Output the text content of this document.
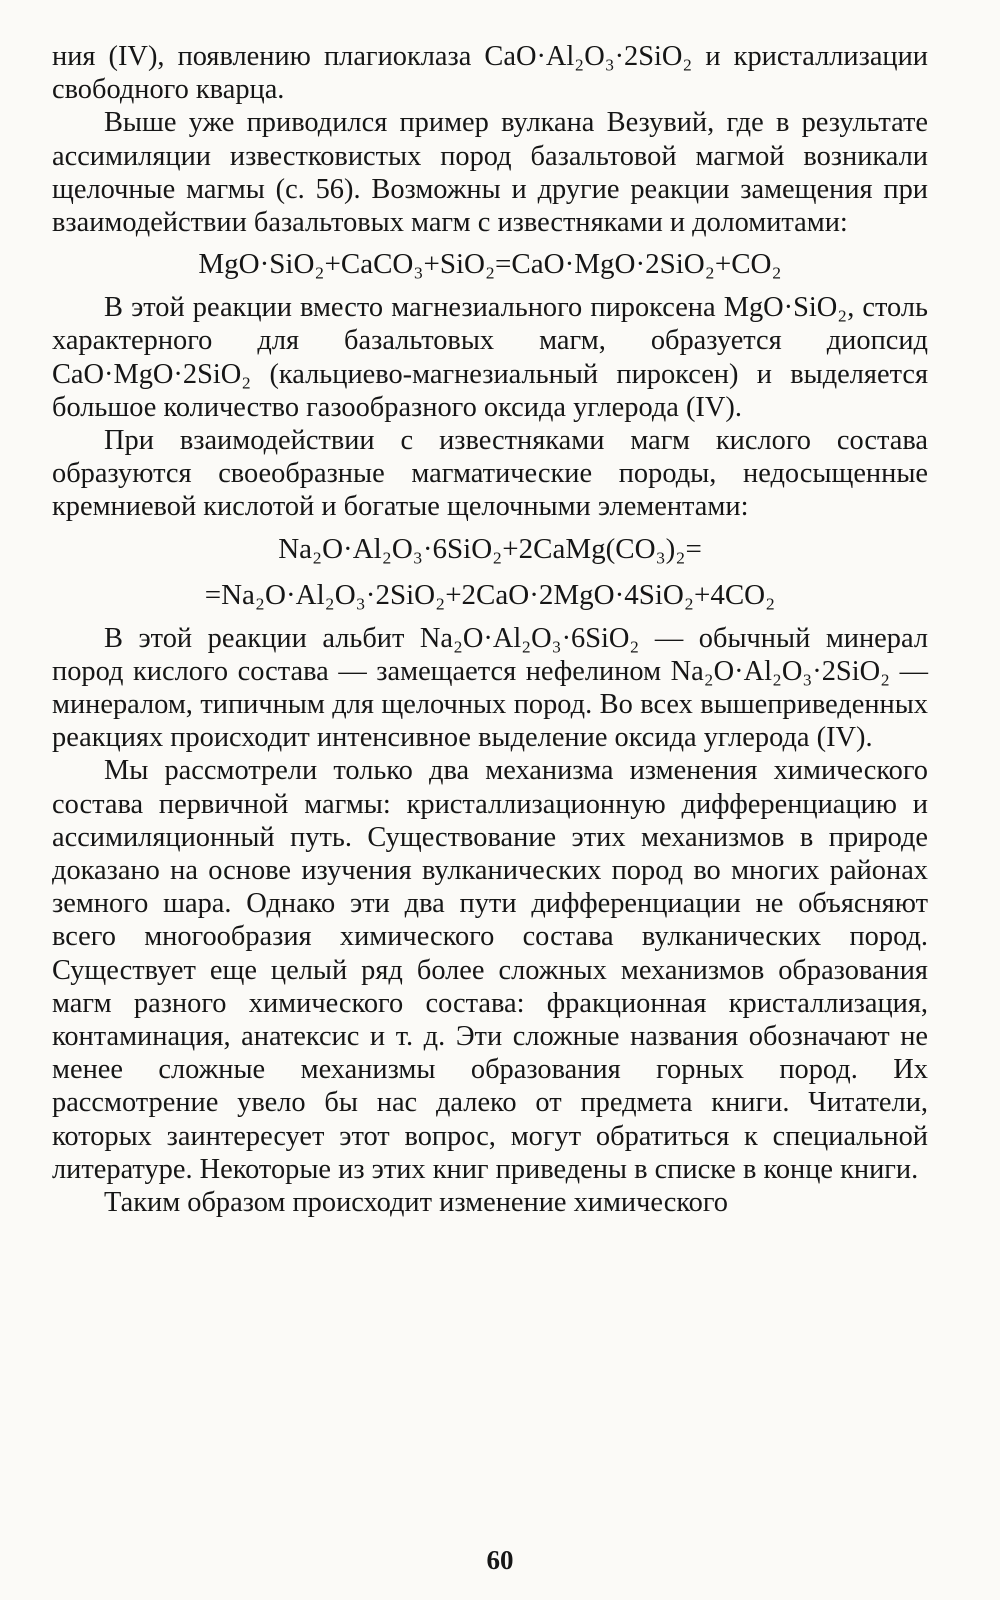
ния (IV), появлению плагиоклаза CaO·Al₂O₃·2SiO₂ и кристаллизации свободного кварца.

Выше уже приводился пример вулкана Везувий, где в результате ассимиляции известковистых пород базальтовой магмой возникали щелочные магмы (с. 56). Возможны и другие реакции замещения при взаимодействии базальтовых магм с известняками и доломитами:

MgO·SiO₂+CaCO₃+SiO₂=CaO·MgO·2SiO₂+CO₂

В этой реакции вместо магнезиального пироксена MgO·SiO₂, столь характерного для базальтовых магм, образуется диопсид CaO·MgO·2SiO₂ (кальциево-магнезиальный пироксен) и выделяется большое количество газообразного оксида углерода (IV).

При взаимодействии с известняками магм кислого состава образуются своеобразные магматические породы, недосыщенные кремниевой кислотой и богатые щелочными элементами:

Na₂O·Al₂O₃·6SiO₂+2CaMg(CO₃)₂=
=Na₂O·Al₂O₃·2SiO₂+2CaO·2MgO·4SiO₂+4CO₂

В этой реакции альбит Na₂O·Al₂O₃·6SiO₂ — обычный минерал пород кислого состава — замещается нефелином Na₂O·Al₂O₃·2SiO₂ — минералом, типичным для щелочных пород. Во всех вышеприведенных реакциях происходит интенсивное выделение оксида углерода (IV).

Мы рассмотрели только два механизма изменения химического состава первичной магмы: кристаллизационную дифференциацию и ассимиляционный путь. Существование этих механизмов в природе доказано на основе изучения вулканических пород во многих районах земного шара. Однако эти два пути дифференциации не объясняют всего многообразия химического состава вулканических пород. Существует еще целый ряд более сложных механизмов образования магм разного химического состава: фракционная кристаллизация, контаминация, анатексис и т. д. Эти сложные названия обозначают не менее сложные механизмы образования горных пород. Их рассмотрение увело бы нас далеко от предмета книги. Читатели, которых заинтересует этот вопрос, могут обратиться к специальной литературе. Некоторые из этих книг приведены в списке в конце книги.

Таким образом происходит изменение химического

60
